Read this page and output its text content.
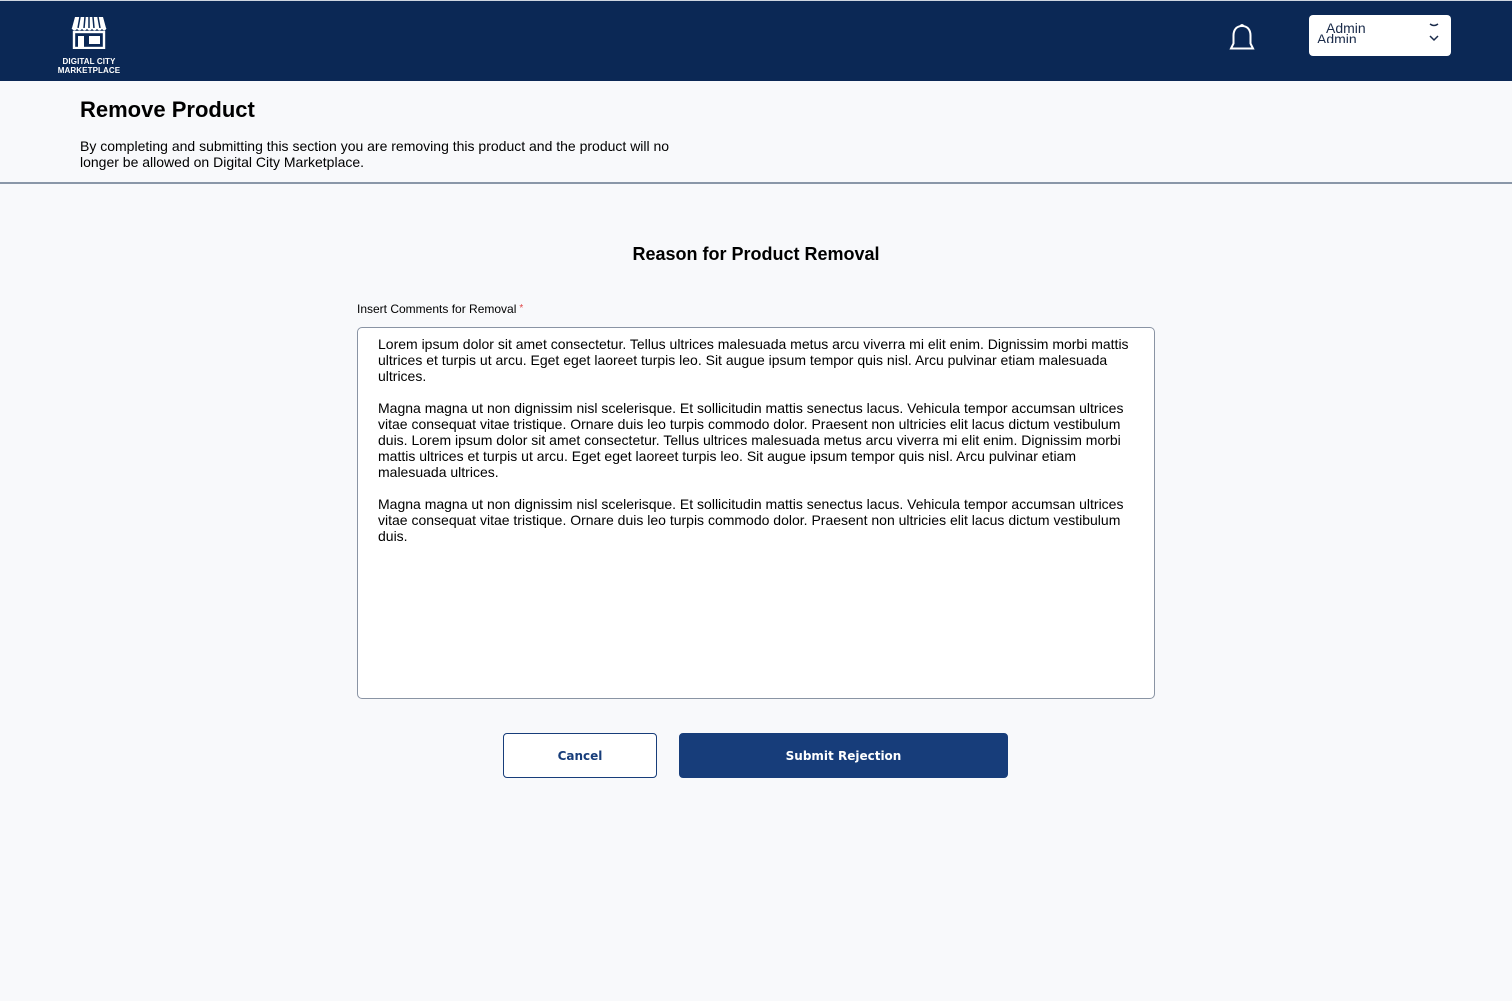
DIGITAL CITY
MARKETPLACE
Admin
Admin
Remove Product

By completing and submitting this section you are removing this product and the product will no longer be allowed on Digital City Marketplace.

Reason for Product Removal
Insert Comments for Removal *

Lorem ipsum dolor sit amet consectetur. Tellus ultrices malesuada metus arcu viverra mi elit enim. Dignissim morbi mattis ultrices et turpis ut arcu. Eget eget laoreet turpis leo. Sit augue ipsum tempor quis nisl. Arcu pulvinar etiam malesuada ultrices.

Magna magna ut non dignissim nisl scelerisque. Et sollicitudin mattis senectus lacus. Vehicula tempor accumsan ultrices vitae consequat vitae tristique. Ornare duis leo turpis commodo dolor. Praesent non ultricies elit lacus dictum vestibulum duis. Lorem ipsum dolor sit amet consectetur. Tellus ultrices malesuada metus arcu viverra mi elit enim. Dignissim morbi mattis ultrices et turpis ut arcu. Eget eget laoreet turpis leo. Sit augue ipsum tempor quis nisl. Arcu pulvinar etiam malesuada ultrices.

Magna magna ut non dignissim nisl scelerisque. Et sollicitudin mattis senectus lacus. Vehicula tempor accumsan ultrices vitae consequat vitae tristique. Ornare duis leo turpis commodo dolor. Praesent non ultricies elit lacus dictum vestibulum duis.

Cancel	Submit Rejection
